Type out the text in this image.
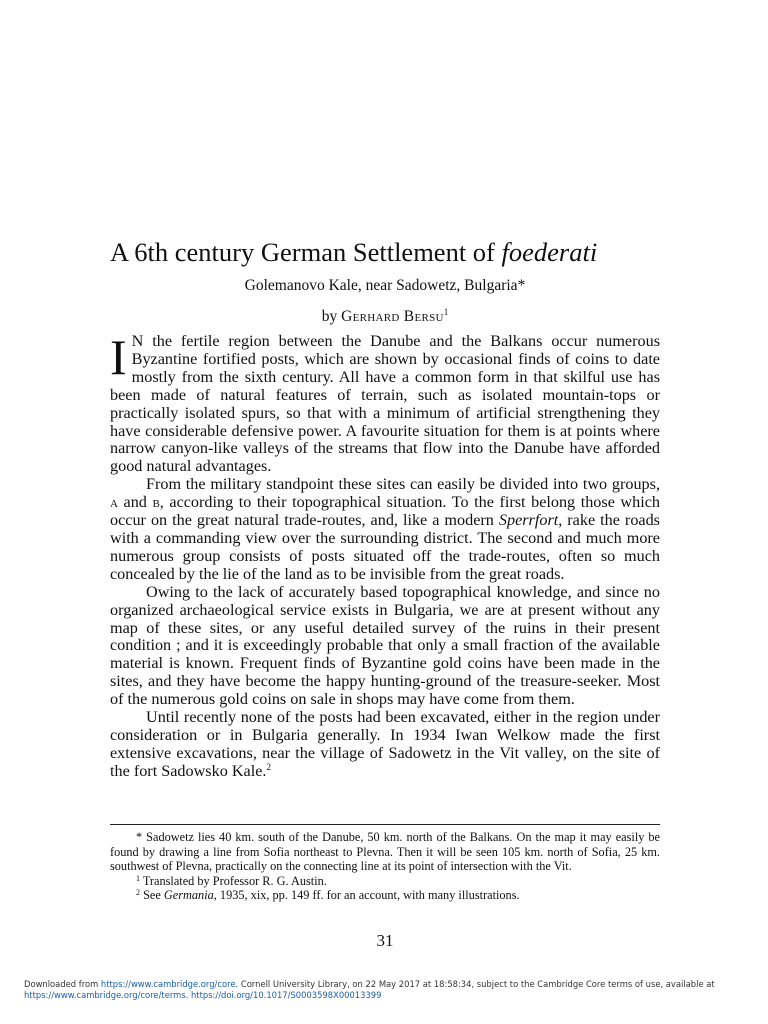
A 6th century German Settlement of foederati
Golemanovo Kale, near Sadowetz, Bulgaria*
by Gerhard Bersu$^1$

I N the fertile region between the Danube and the Balkans occur numerous Byzantine fortified posts, which are shown by occasional finds of coins to date mostly from the sixth century. All have a common form in that skilful use has been made of natural features of terrain, such as isolated mountain-tops or practically isolated spurs, so that with a minimum of artificial strengthening they have considerable defensive power. A favourite situation for them is at points where narrow canyon-like valleys of the streams that flow into the Danube have afforded good natural advantages.

From the military standpoint these sites can easily be divided into two groups, a and b, according to their topographical situation. To the first belong those which occur on the great natural trade-routes, and, like a modern Sperrfort, rake the roads with a commanding view over the surrounding district. The second and much more numerous group consists of posts situated off the trade-routes, often so much concealed by the lie of the land as to be invisible from the great roads.

Owing to the lack of accurately based topographical knowledge, and since no organized archaeological service exists in Bulgaria, we are at present without any map of these sites, or any useful detailed survey of the ruins in their present condition ; and it is exceedingly probable that only a small fraction of the available material is known. Frequent finds of Byzantine gold coins have been made in the sites, and they have become the happy hunting-ground of the treasure-seeker. Most of the numerous gold coins on sale in shops may have come from them.

Until recently none of the posts had been excavated, either in the region under consideration or in Bulgaria generally. In 1934 Iwan Welkow made the first extensive excavations, near the village of Sadowetz in the Vit valley, on the site of the fort Sadowsko Kale.$^2$

* Sadowetz lies 40 km. south of the Danube, 50 km. north of the Balkans. On the map it may easily be found by drawing a line from Sofia northeast to Plevna. Then it will be seen 105 km. north of Sofia, 25 km. southwest of Plevna, practically on the connecting line at its point of intersection with the Vit.

$^1$ Translated by Professor R. G. Austin.

$^2$ See Germania, 1935, xix, pp. 149 ff. for an account, with many illustrations.

31
Downloaded from https://www.cambridge.org/core. Cornell University Library, on 22 May 2017 at 18:58:34, subject to the Cambridge Core terms of use, available at
https://www.cambridge.org/core/terms. https://doi.org/10.1017/S0003598X00013399
